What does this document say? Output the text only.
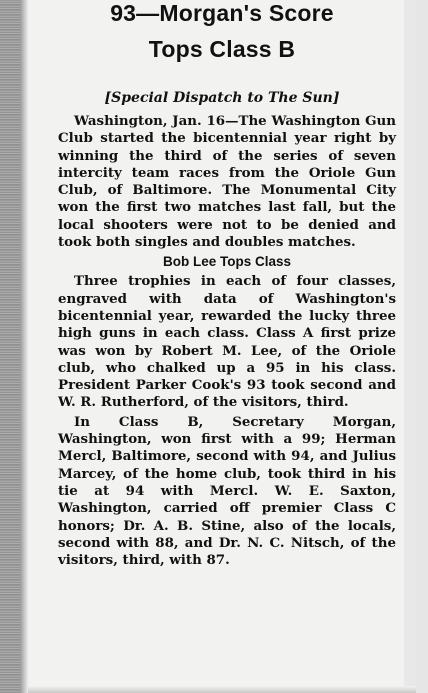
93—Morgan's Score
Tops Class B
[Special Dispatch to The Sun]

Washington, Jan. 16—The Washington Gun Club started the bicentennial year right by winning the third of the series of seven intercity team races from the Oriole Gun Club, of Baltimore. The Monumental City won the first two matches last fall, but the local shooters were not to be denied and took both singles and doubles matches.

Bob Lee Tops Class

Three trophies in each of four classes, engraved with data of Washington's bicentennial year, rewarded the lucky three high guns in each class. Class A first prize was won by Robert M. Lee, of the Oriole club, who chalked up a 95 in his class. President Parker Cook's 93 took second and W. R. Rutherford, of the visitors, third.

In Class B, Secretary Morgan, Washington, won first with a 99; Herman Mercl, Baltimore, second with 94, and Julius Marcey, of the home club, took third in his tie at 94 with Mercl. W. E. Saxton, Washington, carried off premier Class C honors; Dr. A. B. Stine, also of the locals, second with 88, and Dr. N. C. Nitsch, of the visitors, third, with 87.
